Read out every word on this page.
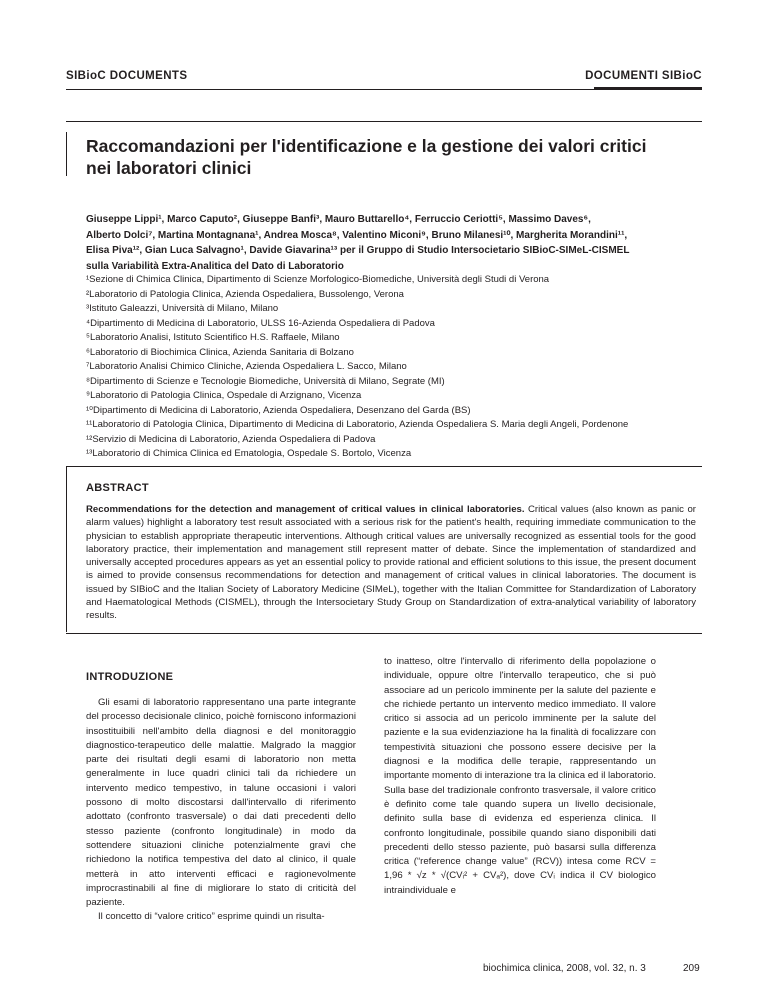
SIBioC DOCUMENTS	DOCUMENTI SIBioC
Raccomandazioni per l'identificazione e la gestione dei valori critici nei laboratori clinici
Giuseppe Lippi¹, Marco Caputo², Giuseppe Banfi³, Mauro Buttarello⁴, Ferruccio Ceriotti⁵, Massimo Daves⁶,
Alberto Dolci⁷, Martina Montagnana¹, Andrea Mosca⁸, Valentino Miconi⁹, Bruno Milanesi¹⁰, Margherita Morandini¹¹,
Elisa Piva¹², Gian Luca Salvagno¹, Davide Giavarina¹³ per il Gruppo di Studio Intersocietario SIBioC-SIMeL-CISMEL
sulla Variabilità Extra-Analitica del Dato di Laboratorio
¹Sezione di Chimica Clinica, Dipartimento di Scienze Morfologico-Biomediche, Università degli Studi di Verona
²Laboratorio di Patologia Clinica, Azienda Ospedaliera, Bussolengo, Verona
³Istituto Galeazzi, Università di Milano, Milano
⁴Dipartimento di Medicina di Laboratorio, ULSS 16-Azienda Ospedaliera di Padova
⁵Laboratorio Analisi, Istituto Scientifico H.S. Raffaele, Milano
⁶Laboratorio di Biochimica Clinica, Azienda Sanitaria di Bolzano
⁷Laboratorio Analisi Chimico Cliniche, Azienda Ospedaliera L. Sacco, Milano
⁸Dipartimento di Scienze e Tecnologie Biomediche, Università di Milano, Segrate (MI)
⁹Laboratorio di Patologia Clinica, Ospedale di Arzignano, Vicenza
¹⁰Dipartimento di Medicina di Laboratorio, Azienda Ospedaliera, Desenzano del Garda (BS)
¹¹Laboratorio di Patologia Clinica, Dipartimento di Medicina di Laboratorio, Azienda Ospedaliera S. Maria degli Angeli, Pordenone
¹²Servizio di Medicina di Laboratorio, Azienda Ospedaliera di Padova
¹³Laboratorio di Chimica Clinica ed Ematologia, Ospedale S. Bortolo, Vicenza
ABSTRACT
Recommendations for the detection and management of critical values in clinical laboratories. Critical values (also known as panic or alarm values) highlight a laboratory test result associated with a serious risk for the patient's health, requiring immediate communication to the physician to establish appropriate therapeutic interventions. Although critical values are universally recognized as essential tools for the good laboratory practice, their implementation and management still represent matter of debate. Since the implementation of standardized and universally accepted procedures appears as yet an essential policy to provide rational and efficient solutions to this issue, the present document is aimed to provide consensus recommendations for detection and management of critical values in clinical laboratories. The document is issued by SIBioC and the Italian Society of Laboratory Medicine (SIMeL), together with the Italian Committee for Standardization of Laboratory and Haematological Methods (CISMEL), through the Intersocietary Study Group on Standardization of extra-analytical variability of laboratory results.
INTRODUZIONE

Gli esami di laboratorio rappresentano una parte integrante del processo decisionale clinico, poichè forniscono informazioni insostituibili nell'ambito della diagnosi e del monitoraggio diagnostico-terapeutico delle malattie. Malgrado la maggior parte dei risultati degli esami di laboratorio non metta generalmente in luce quadri clinici tali da richiedere un intervento medico tempestivo, in talune occasioni i valori possono di molto discostarsi dall'intervallo di riferimento adottato (confronto trasversale) o dai dati precedenti dello stesso paziente (confronto longitudinale) in modo da sottendere situazioni cliniche potenzialmente gravi che richiedono la notifica tempestiva del dato al clinico, il quale metterà in atto interventi efficaci e ragionevolmente improcrastinabili al fine di migliorare lo stato di criticità del paziente.

Il concetto di “valore critico” esprime quindi un risulta-

to inatteso, oltre l'intervallo di riferimento della popolazione o individuale, oppure oltre l'intervallo terapeutico, che si può associare ad un pericolo imminente per la salute del paziente e che richiede pertanto un intervento medico immediato. Il valore critico si associa ad un pericolo imminente per la salute del paziente e la sua evidenziazione ha la finalità di focalizzare con tempestività situazioni che possono essere decisive per la diagnosi e la modifica delle terapie, rappresentando un importante momento di interazione tra la clinica ed il laboratorio. Sulla base del tradizionale confronto trasversale, il valore critico è definito come tale quando supera un livello decisionale, definito sulla base di evidenza ed esperienza clinica. Il confronto longitudinale, possibile quando siano disponibili dati precedenti dello stesso paziente, può basarsi sulla differenza critica (“reference change value” (RCV)) intesa come RCV = 1,96 * √z * √(CVᵢ² + CVₐ²), dove CVᵢ indica il CV biologico intraindividuale e

biochimica clinica, 2008, vol. 32, n. 3	209
